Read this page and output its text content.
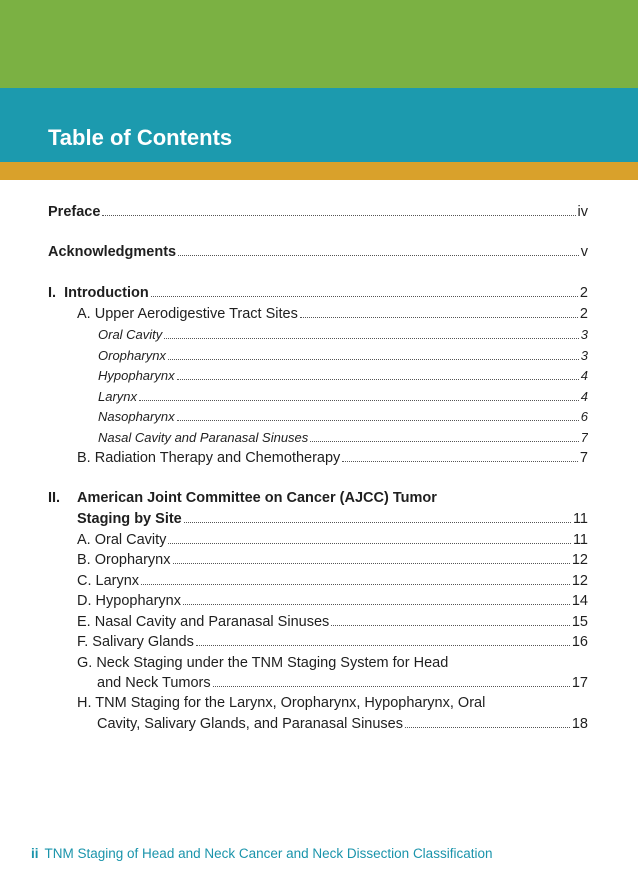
Table of Contents
Preface	iv
Acknowledgments	v
I. Introduction	2
A. Upper Aerodigestive Tract Sites	2
Oral Cavity	3
Oropharynx	3
Hypopharynx	4
Larynx	4
Nasopharynx	6
Nasal Cavity and Paranasal Sinuses	7
B. Radiation Therapy and Chemotherapy	7
II. American Joint Committee on Cancer (AJCC) Tumor
Staging by Site	11
A. Oral Cavity	11
B. Oropharynx	12
C. Larynx	12
D. Hypopharynx	14
E. Nasal Cavity and Paranasal Sinuses	15
F. Salivary Glands	16
G. Neck Staging under the TNM Staging System for Head
and Neck Tumors	17
H. TNM Staging for the Larynx, Oropharynx, Hypopharynx, Oral
Cavity, Salivary Glands, and Paranasal Sinuses	18
ii TNM Staging of Head and Neck Cancer and Neck Dissection Classification
